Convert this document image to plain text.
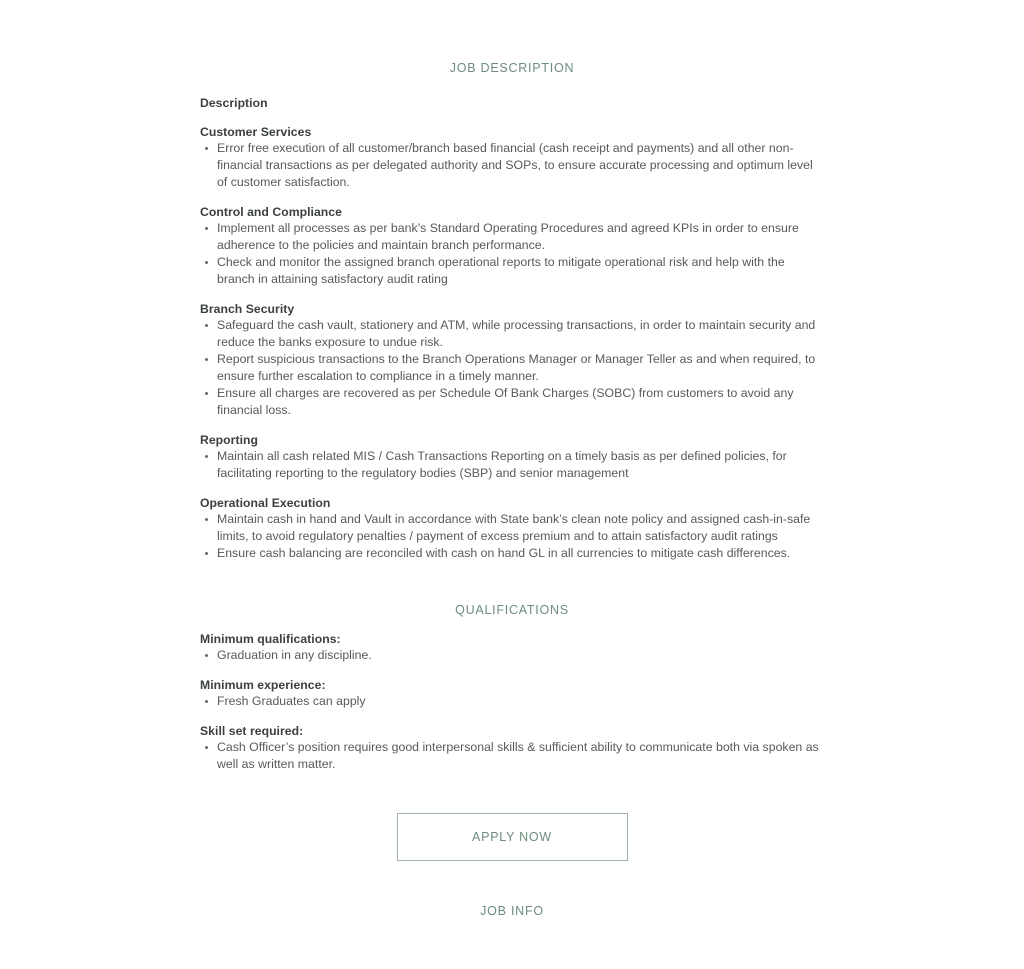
JOB DESCRIPTION
Description
Customer Services
Error free execution of all customer/branch based financial (cash receipt and payments) and all other non-financial transactions as per delegated authority and SOPs, to ensure accurate processing and optimum level of customer satisfaction.
Control and Compliance
Implement all processes as per bank’s Standard Operating Procedures and agreed KPIs in order to ensure adherence to the policies and maintain branch performance.
Check and monitor the assigned branch operational reports to mitigate operational risk and help with the branch in attaining satisfactory audit rating
Branch Security
Safeguard the cash vault, stationery and ATM, while processing transactions, in order to maintain security and reduce the banks exposure to undue risk.
Report suspicious transactions to the Branch Operations Manager or Manager Teller as and when required, to ensure further escalation to compliance in a timely manner.
Ensure all charges are recovered as per Schedule Of Bank Charges (SOBC) from customers to avoid any financial loss.
Reporting
Maintain all cash related MIS / Cash Transactions Reporting on a timely basis as per defined policies, for facilitating reporting to the regulatory bodies (SBP) and senior management
Operational Execution
Maintain cash in hand and Vault in accordance with State bank’s clean note policy and assigned cash-in-safe limits, to avoid regulatory penalties / payment of excess premium and to attain satisfactory audit ratings
Ensure cash balancing are reconciled with cash on hand GL in all currencies to mitigate cash differences.
QUALIFICATIONS
Minimum qualifications:
Graduation in any discipline.
Minimum experience:
Fresh Graduates can apply
Skill set required:
Cash Officer’s position requires good interpersonal skills & sufficient ability to communicate both via spoken as well as written matter.
APPLY NOW
JOB INFO
